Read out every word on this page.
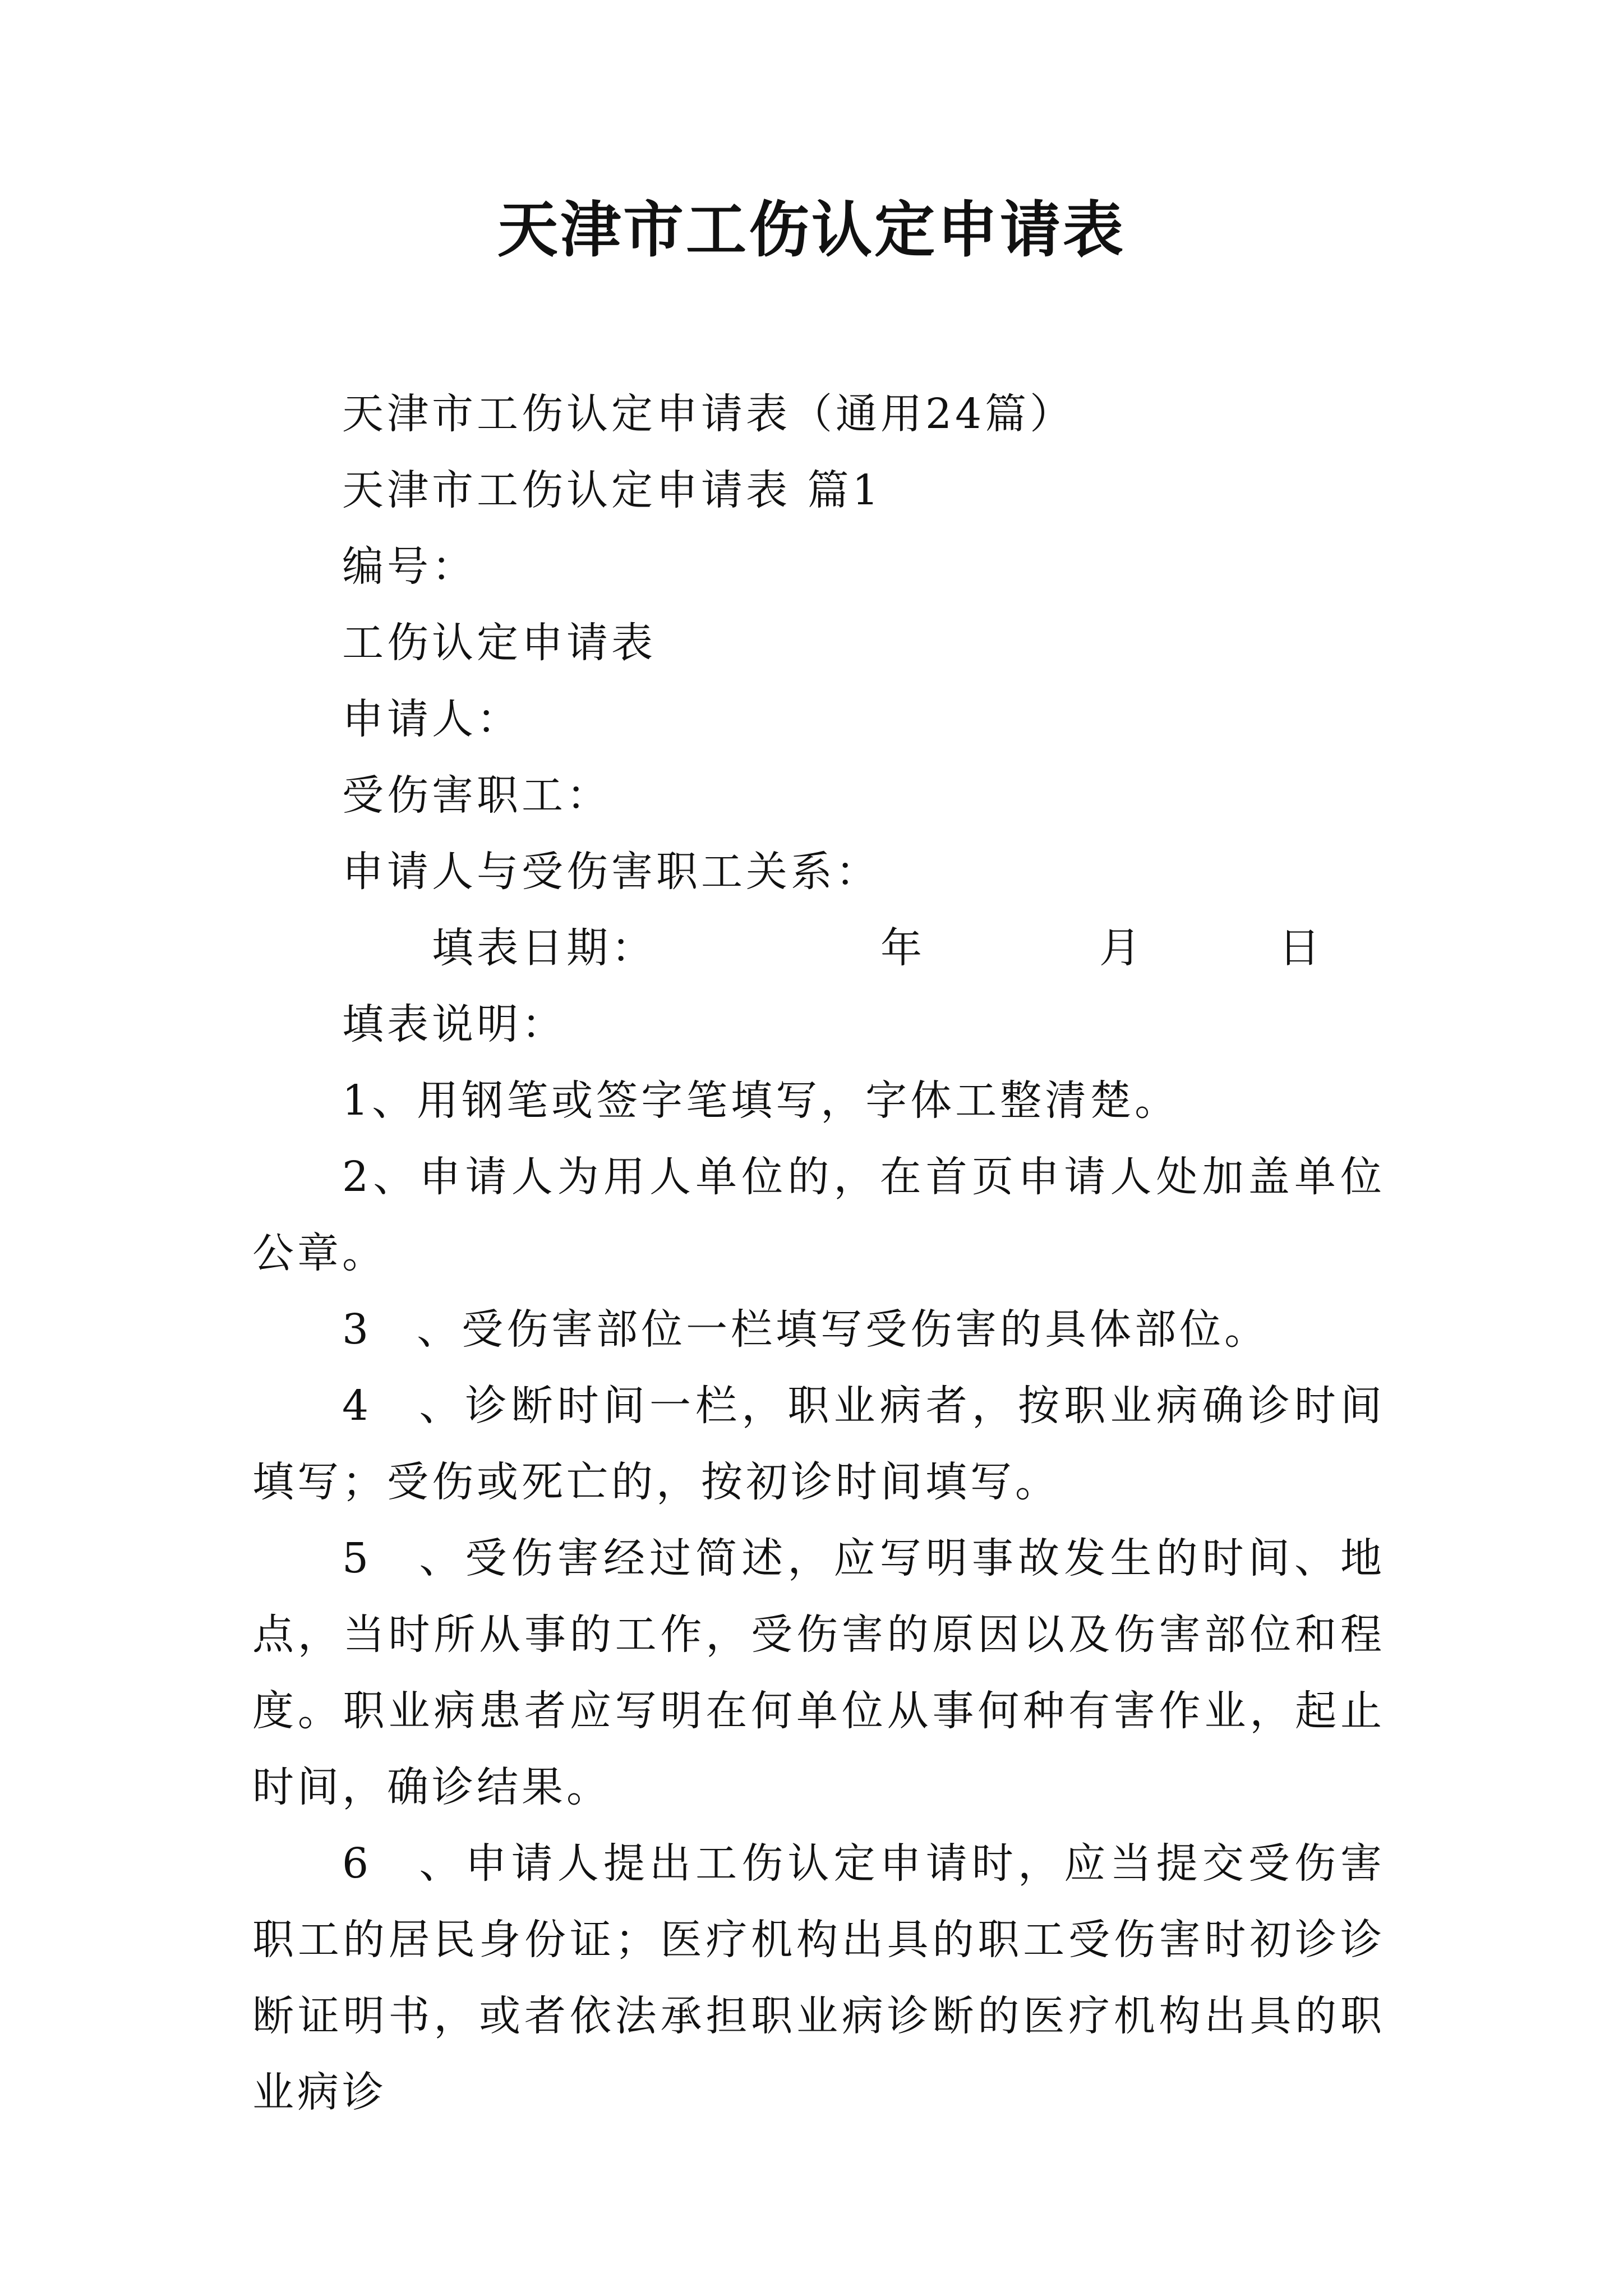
天津市工伤认定申请表

天津市工伤认定申请表（通用24篇）

天津市工伤认定申请表 篇1

编号：

工伤认定申请表

申请人：

受伤害职工：

申请人与受伤害职工关系：

填表日期：	年	月	日

填表说明：

1、用钢笔或签字笔填写，字体工整清楚。

2、申请人为用人单位的，在首页申请人处加盖单位公章。

3　、受伤害部位一栏填写受伤害的具体部位。

4　、诊断时间一栏，职业病者，按职业病确诊时间填写；受伤或死亡的，按初诊时间填写。

5　、受伤害经过简述，应写明事故发生的时间、地点，当时所从事的工作，受伤害的原因以及伤害部位和程度。职业病患者应写明在何单位从事何种有害作业，起止时间，确诊结果。

6　、申请人提出工伤认定申请时，应当提交受伤害职工的居民身份证；医疗机构出具的职工受伤害时初诊诊断证明书，或者依法承担职业病诊断的医疗机构出具的职业病诊
